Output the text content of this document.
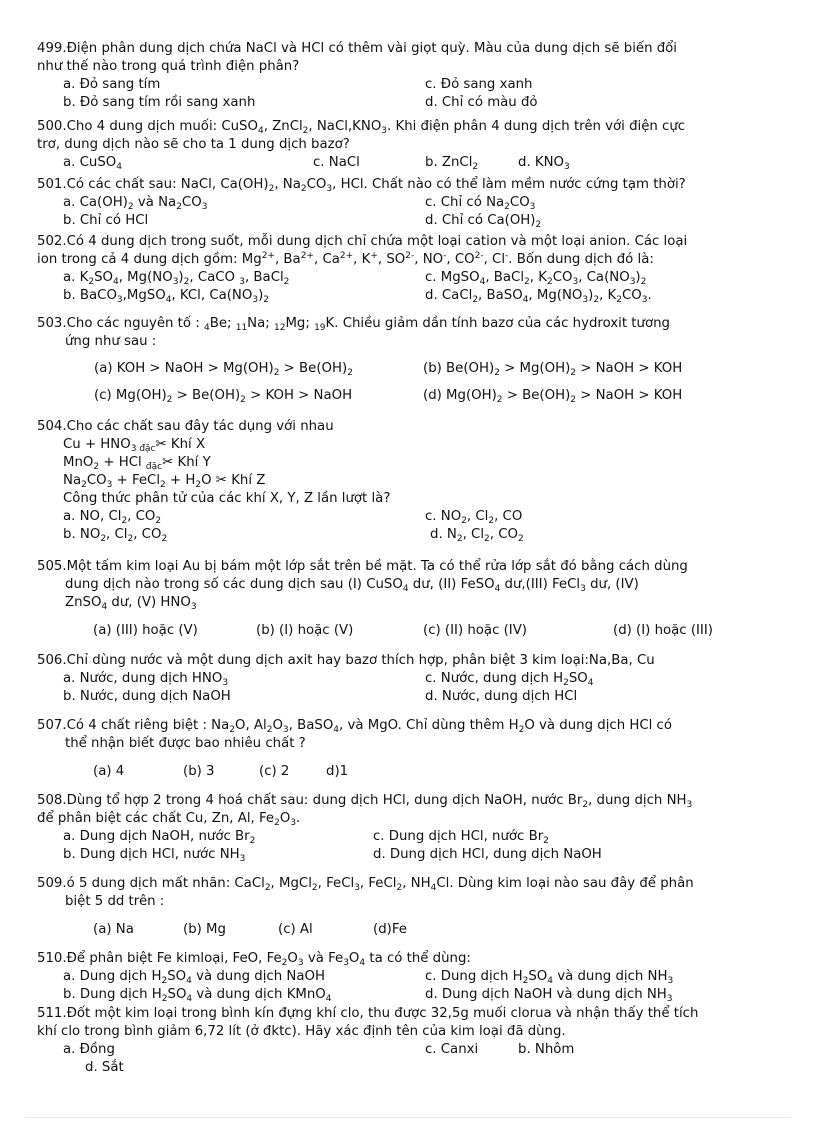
499.Điện phân dung dịch chứa NaCl và HCl có thêm vài giọt quỳ. Màu của dung dịch sẽ biến đổi
như thế nào trong quá trình điện phân?
a. Đỏ sang tím	c. Đỏ sang xanh
b. Đỏ sang tím rồi sang xanh	d. Chỉ có màu đỏ
500.Cho 4 dung dịch muối: CuSO$_4$, ZnCl$_2$, $NaCl,KNO_3$. Khi điện phân 4 dung dịch trên với điện cực
trơ, dung dịch nào sẽ cho ta 1 dung dịch bazơ?
a. CuSO$_4$	c. NaCl	b. ZnCl$_2$	d. $KNO_3$
501.Có các chất sau: NaCl, $Ca(OH)_2$, $Na_2CO_3$, HCl. Chất nào có thể làm mềm nước cứng tạm thời?
a. $Ca(OH)_2$ và $Na_2CO_3$	c. Chỉ có $Na_2CO_3$
b. Chỉ có HCl	d. Chỉ có $Ca(OH)_2$
502.Có 4 dung dịch trong suốt, mỗi dung dịch chỉ chứa một loại cation và một loại anion. Các loại
ion trong cả 4 dung dịch gồm: $Mg^{2+}$, $Ba^{2+}$, $Ca^{2+}$, K+, $SO^{2-}$, NO-, $CO^{2-}$, Cl-. Bốn dung dịch đó là:
a. $K_2SO_4$, $Mg(NO_3)_2$, CaCO $_3$, BaCl$_2$	c. MgSO$_4$, BaCl$_2$, $K_2CO_3$, $Ca(NO_3)_2$
b. BaCO$_3$,MgSO$_4$, KCl, $Ca(NO_3)_2$	d. CaCl$_2$, BaSO$_4$, $Mg(NO_3)_2$, $K_2CO_3$.
503.Cho các nguyên tố : $_4$Be; $_{11}$Na; $_{12}$Mg; $_{19}$K. Chiều giảm dần tính bazơ của các hydroxit tương
ứng như sau :
(a) KOH > NaOH > $Mg(OH)_2 > Be(OH)_2$	(b) $Be(OH)_2 > Mg(OH)_2$ > NaOH > KOH
(c) $Mg(OH)_2 > Be(OH)_2$ > KOH > NaOH	(d) $Mg(OH)_2 > Be(OH)_2$ > NaOH > KOH
504.Cho các chất sau đây tác dụng với nhau
$Cu + HNO_3$ $_{đặc}$✂ Khí X
MnO$_2$ + HCl $_{đặc}$✂ Khí Y
$Na_2CO_3$ + FeCl$_2$ + $H_2O$ ✂ Khí Z
Công thức phân tử của các khí X, Y, Z lần lượt là?
a. NO, $Cl_2$, $CO_2$	c. $NO_2$, $Cl_2$, CO
b. $NO_2$, $Cl_2$, $CO_2$	d. $N_2$, $Cl_2$, $CO_2$
505.Một tấm kim loại Au bị bám một lớp sắt trên bề mặt. Ta có thể rửa lớp sắt đó bằng cách dùng
dung dịch nào trong số các dung dịch sau (I) CuSO$_4$ dư, (II) FeSO$_4$ dư,(III) FeCl$_3$ dư, (IV)
ZnSO$_4$ dư, (V) $HNO_3$
(a) (III) hoặc (V)	(b) (I) hoặc (V)	(c) (II) hoặc (IV)	(d) (I) hoặc (III)
506.Chỉ dùng nước và một dung dịch axit hay bazơ thích hợp, phân biệt 3 kim loại:Na,Ba, Cu
a. Nước, dung dịch $HNO_3$	c. Nước, dung dịch $H_2SO_4$
b. Nước, dung dịch NaOH	d. Nước, dung dịch HCl
507.Có 4 chất riêng biệt : $Na_2O$, $Al_2O_3$, BaSO$_4$, và MgO. Chỉ dùng thêm $H_2O$ và dung dịch HCl có
thể nhận biết được bao nhiêu chất ?
(a) 4	(b) 3	(c) 2	d)1
508.Dùng tổ hợp 2 trong 4 hoá chất sau: dung dịch HCl, dung dịch NaOH, nước $Br_2$, dung dịch $NH_3$
để phân biệt các chất Cu, Zn, Al, $Fe_2O_3$.
a. Dung dịch NaOH, nước $Br_2$	c. Dung dịch HCl, nước $Br_2$
b. Dung dịch HCl, nước $NH_3$	d. Dung dịch HCl, dung dịch NaOH
509.ó 5 dung dịch mất nhãn: CaCl$_2$, MgCl$_2$, FeCl$_3$, FeCl$_2$, $NH_4Cl$. Dùng kim loại nào sau đây để phân
biệt 5 dd trên :
(a) Na	(b) Mg	(c) Al	(d)Fe
510.Để phân biệt Fe kimloại, FeO, $Fe_2O_3$ và $Fe_3O_4$ ta có thể dùng:
a. Dung dịch $H_2SO_4$ và dung dịch NaOH	c. Dung dịch $H_2SO_4$ và dung dịch $NH_3$
b. Dung dịch $H_2SO_4$ và dung dịch KMnO$_4$	d. Dung dịch NaOH và dung dịch $NH_3$
511.Đốt một kim loại trong bình kín đựng khí clo, thu được 32,5g muối clorua và nhận thấy thể tích
khí clo trong bình giảm 6,72 lít (ở đktc). Hãy xác định tên của kim loại đã dùng.
a. Đồng	c. Canxi	b. Nhôm
d. Sắt
